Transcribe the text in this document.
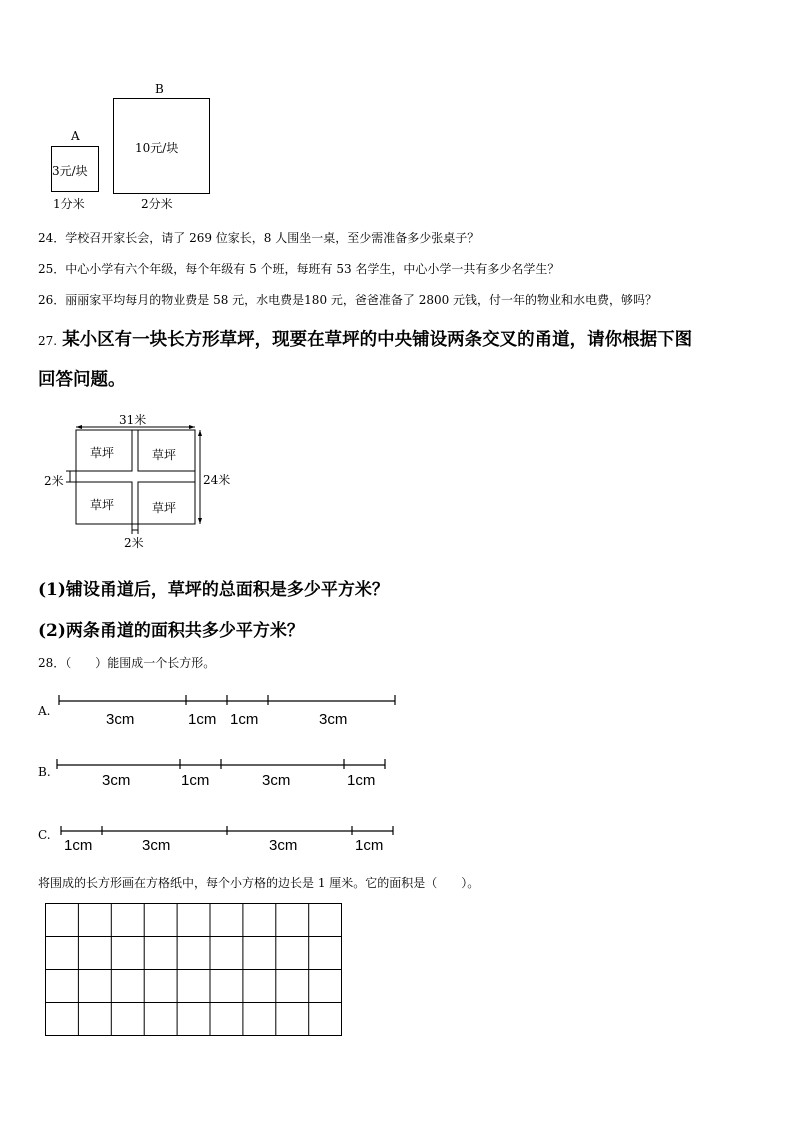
A
3元/块
1分米
B
10元/块
2分米
24．学校召开家长会，请了 269 位家长，8 人围坐一桌，至少需准备多少张桌子？
25．中心小学有六个年级，每个年级有 5 个班，每班有 53 名学生，中心小学一共有多少名学生？
26．丽丽家平均每月的物业费是 58 元，水电费是180 元，爸爸准备了 2800 元钱，付一年的物业和水电费，够吗？
27. 某小区有一块长方形草坪，现要在草坪的中央铺设两条交叉的甬道，请你根据下图
回答问题。
31米
24米
2米
2米
草坪	草坪
草坪	草坪
(1)铺设甬道后，草坪的总面积是多少平方米？
(2)两条甬道的面积共多少平方米？
28．（　　）能围成一个长方形。
A.	3cm	1cm 1cm	3cm
B.	3cm	1cm	3cm	1cm
C.
1cm	3cm	3cm	1cm
将围成的长方形画在方格纸中，每个小方格的边长是 1 厘米。它的面积是（　　）。
